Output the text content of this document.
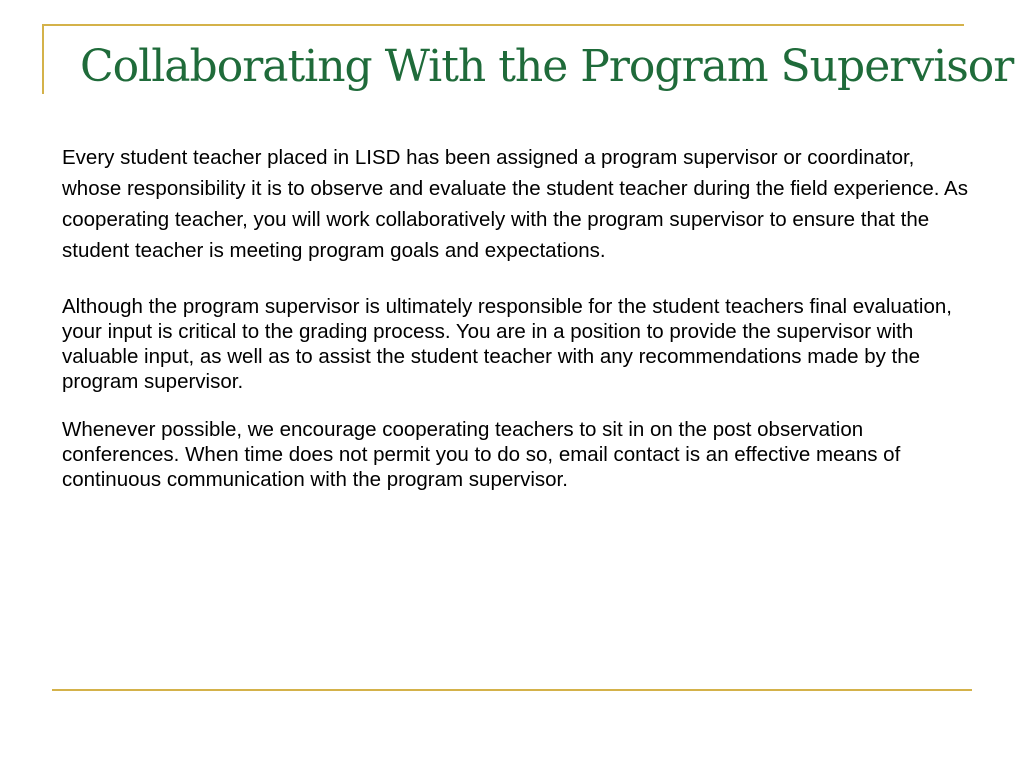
Collaborating With the Program Supervisor

Every student teacher placed in LISD has been assigned a program supervisor or coordinator, whose responsibility it is to observe and evaluate the student teacher during the field experience. As cooperating teacher, you will work collaboratively with the program supervisor to ensure that the student teacher is meeting program goals and expectations.

Although the program supervisor is ultimately responsible for the student teachers final evaluation, your input is critical to the grading process. You are in a position to provide the supervisor with valuable input, as well as to assist the student teacher with any recommendations made by the program supervisor.

Whenever possible, we encourage cooperating teachers to sit in on the post observation conferences. When time does not permit you to do so, email contact is an effective means of continuous communication with the program supervisor.
